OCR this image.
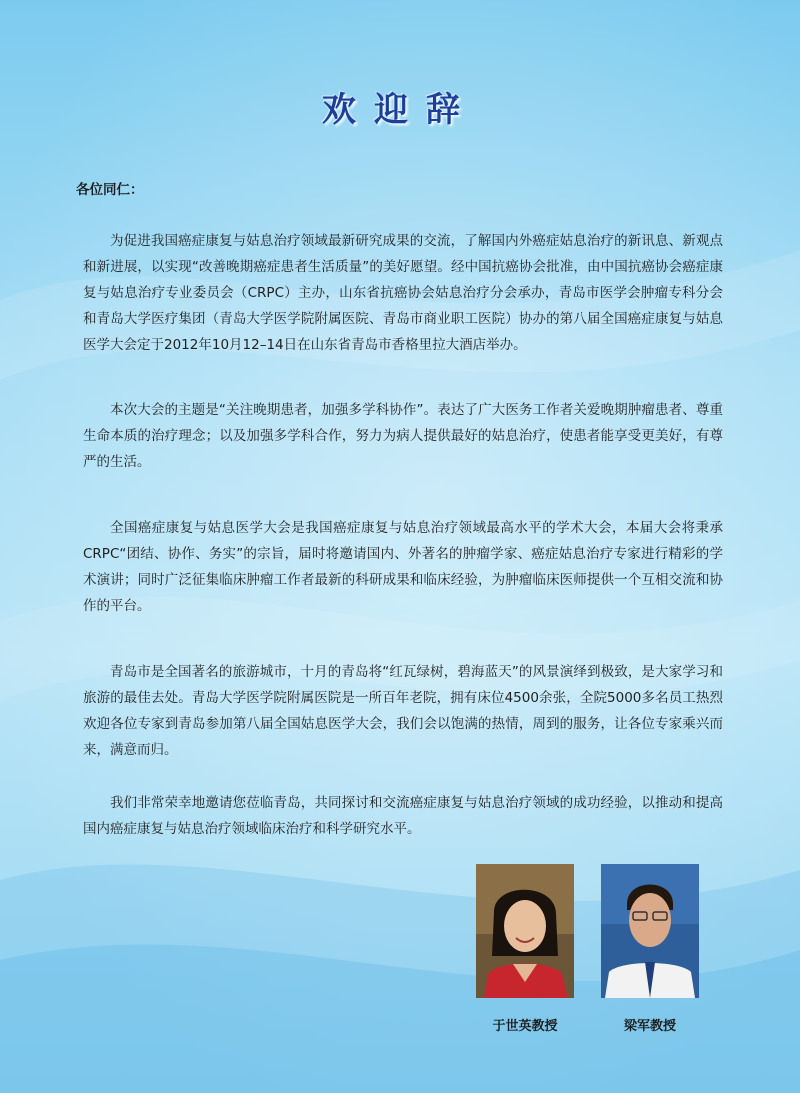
欢迎辞
各位同仁：

为促进我国癌症康复与姑息治疗领域最新研究成果的交流，了解国内外癌症姑息治疗的新讯息、新观点和新进展，以实现“改善晚期癌症患者生活质量”的美好愿望。经中国抗癌协会批准，由中国抗癌协会癌症康复与姑息治疗专业委员会（CRPC）主办，山东省抗癌协会姑息治疗分会承办，青岛市医学会肿瘤专科分会和青岛大学医疗集团（青岛大学医学院附属医院、青岛市商业职工医院）协办的第八届全国癌症康复与姑息医学大会定于2012年10月12–14日在山东省青岛市香格里拉大酒店举办。

本次大会的主题是“关注晚期患者，加强多学科协作”。表达了广大医务工作者关爱晚期肿瘤患者、尊重生命本质的治疗理念；以及加强多学科合作，努力为病人提供最好的姑息治疗，使患者能享受更美好，有尊严的生活。

全国癌症康复与姑息医学大会是我国癌症康复与姑息治疗领域最高水平的学术大会，本届大会将秉承CRPC“团结、协作、务实”的宗旨，届时将邀请国内、外著名的肿瘤学家、癌症姑息治疗专家进行精彩的学术演讲；同时广泛征集临床肿瘤工作者最新的科研成果和临床经验，为肿瘤临床医师提供一个互相交流和协作的平台。

青岛市是全国著名的旅游城市，十月的青岛将“红瓦绿树，碧海蓝天”的风景演绎到极致，是大家学习和旅游的最佳去处。青岛大学医学院附属医院是一所百年老院，拥有床位4500余张，全院5000多名员工热烈欢迎各位专家到青岛参加第八届全国姑息医学大会，我们会以饱满的热情，周到的服务，让各位专家乘兴而来，满意而归。

我们非常荣幸地邀请您莅临青岛，共同探讨和交流癌症康复与姑息治疗领域的成功经验，以推动和提高国内癌症康复与姑息治疗领域临床治疗和科学研究水平。

于世英教授	梁军教授
